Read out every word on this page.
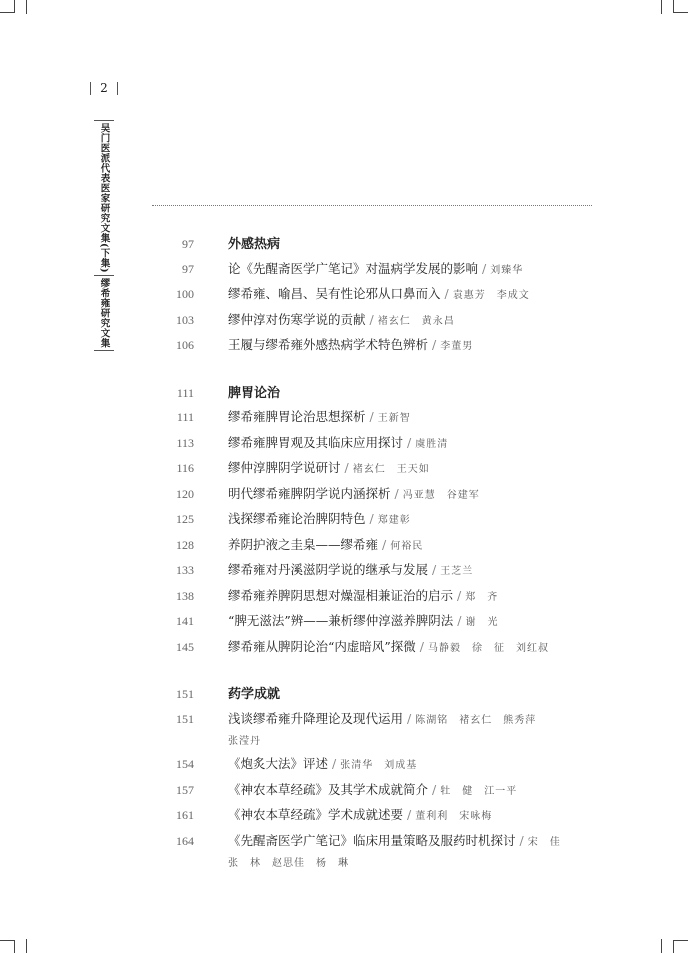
2
吴门医派代表医家研究文集(下集)
缪希雍研究文集
97	外感热病
97	论《先醒斋医学广笔记》对温病学发展的影响 / 刘臻华
100	缪希雍、喻昌、吴有性论邪从口鼻而入 / 袁惠芳　李成文
103	缪仲淳对伤寒学说的贡献 / 褚玄仁　黄永昌
106	王履与缪希雍外感热病学术特色辨析 / 李董男
111	脾胃论治
111	缪希雍脾胃论治思想探析 / 王新智
113	缪希雍脾胃观及其临床应用探讨 / 虞胜清
116	缪仲淳脾阴学说研讨 / 褚玄仁　王天如
120	明代缪希雍脾阴学说内涵探析 / 冯亚慧　谷建军
125	浅探缪希雍论治脾阴特色 / 郑建彰
128	养阴护液之圭臬——缪希雍 / 何裕民
133	缪希雍对丹溪滋阴学说的继承与发展 / 王芝兰
138	缪希雍养脾阴思想对燥湿相兼证治的启示 / 郑　齐
141	“脾无滋法”辨——兼析缪仲淳滋养脾阴法 / 谢　光
145	缪希雍从脾阴论治“内虚暗风”探微 / 马静毅　徐　征　刘红叔
151	药学成就
151	浅谈缪希雍升降理论及现代运用 / 陈湖铭　褚玄仁　熊秀萍
张滢丹
154	《炮炙大法》评述 / 张清华　刘成基
157	《神农本草经疏》及其学术成就简介 / 牡　健　江一平
161	《神农本草经疏》学术成就述要 / 董利利　宋咏梅
164	《先醒斋医学广笔记》临床用量策略及服药时机探讨 / 宋　佳
张　林　赵思佳　杨　琳
